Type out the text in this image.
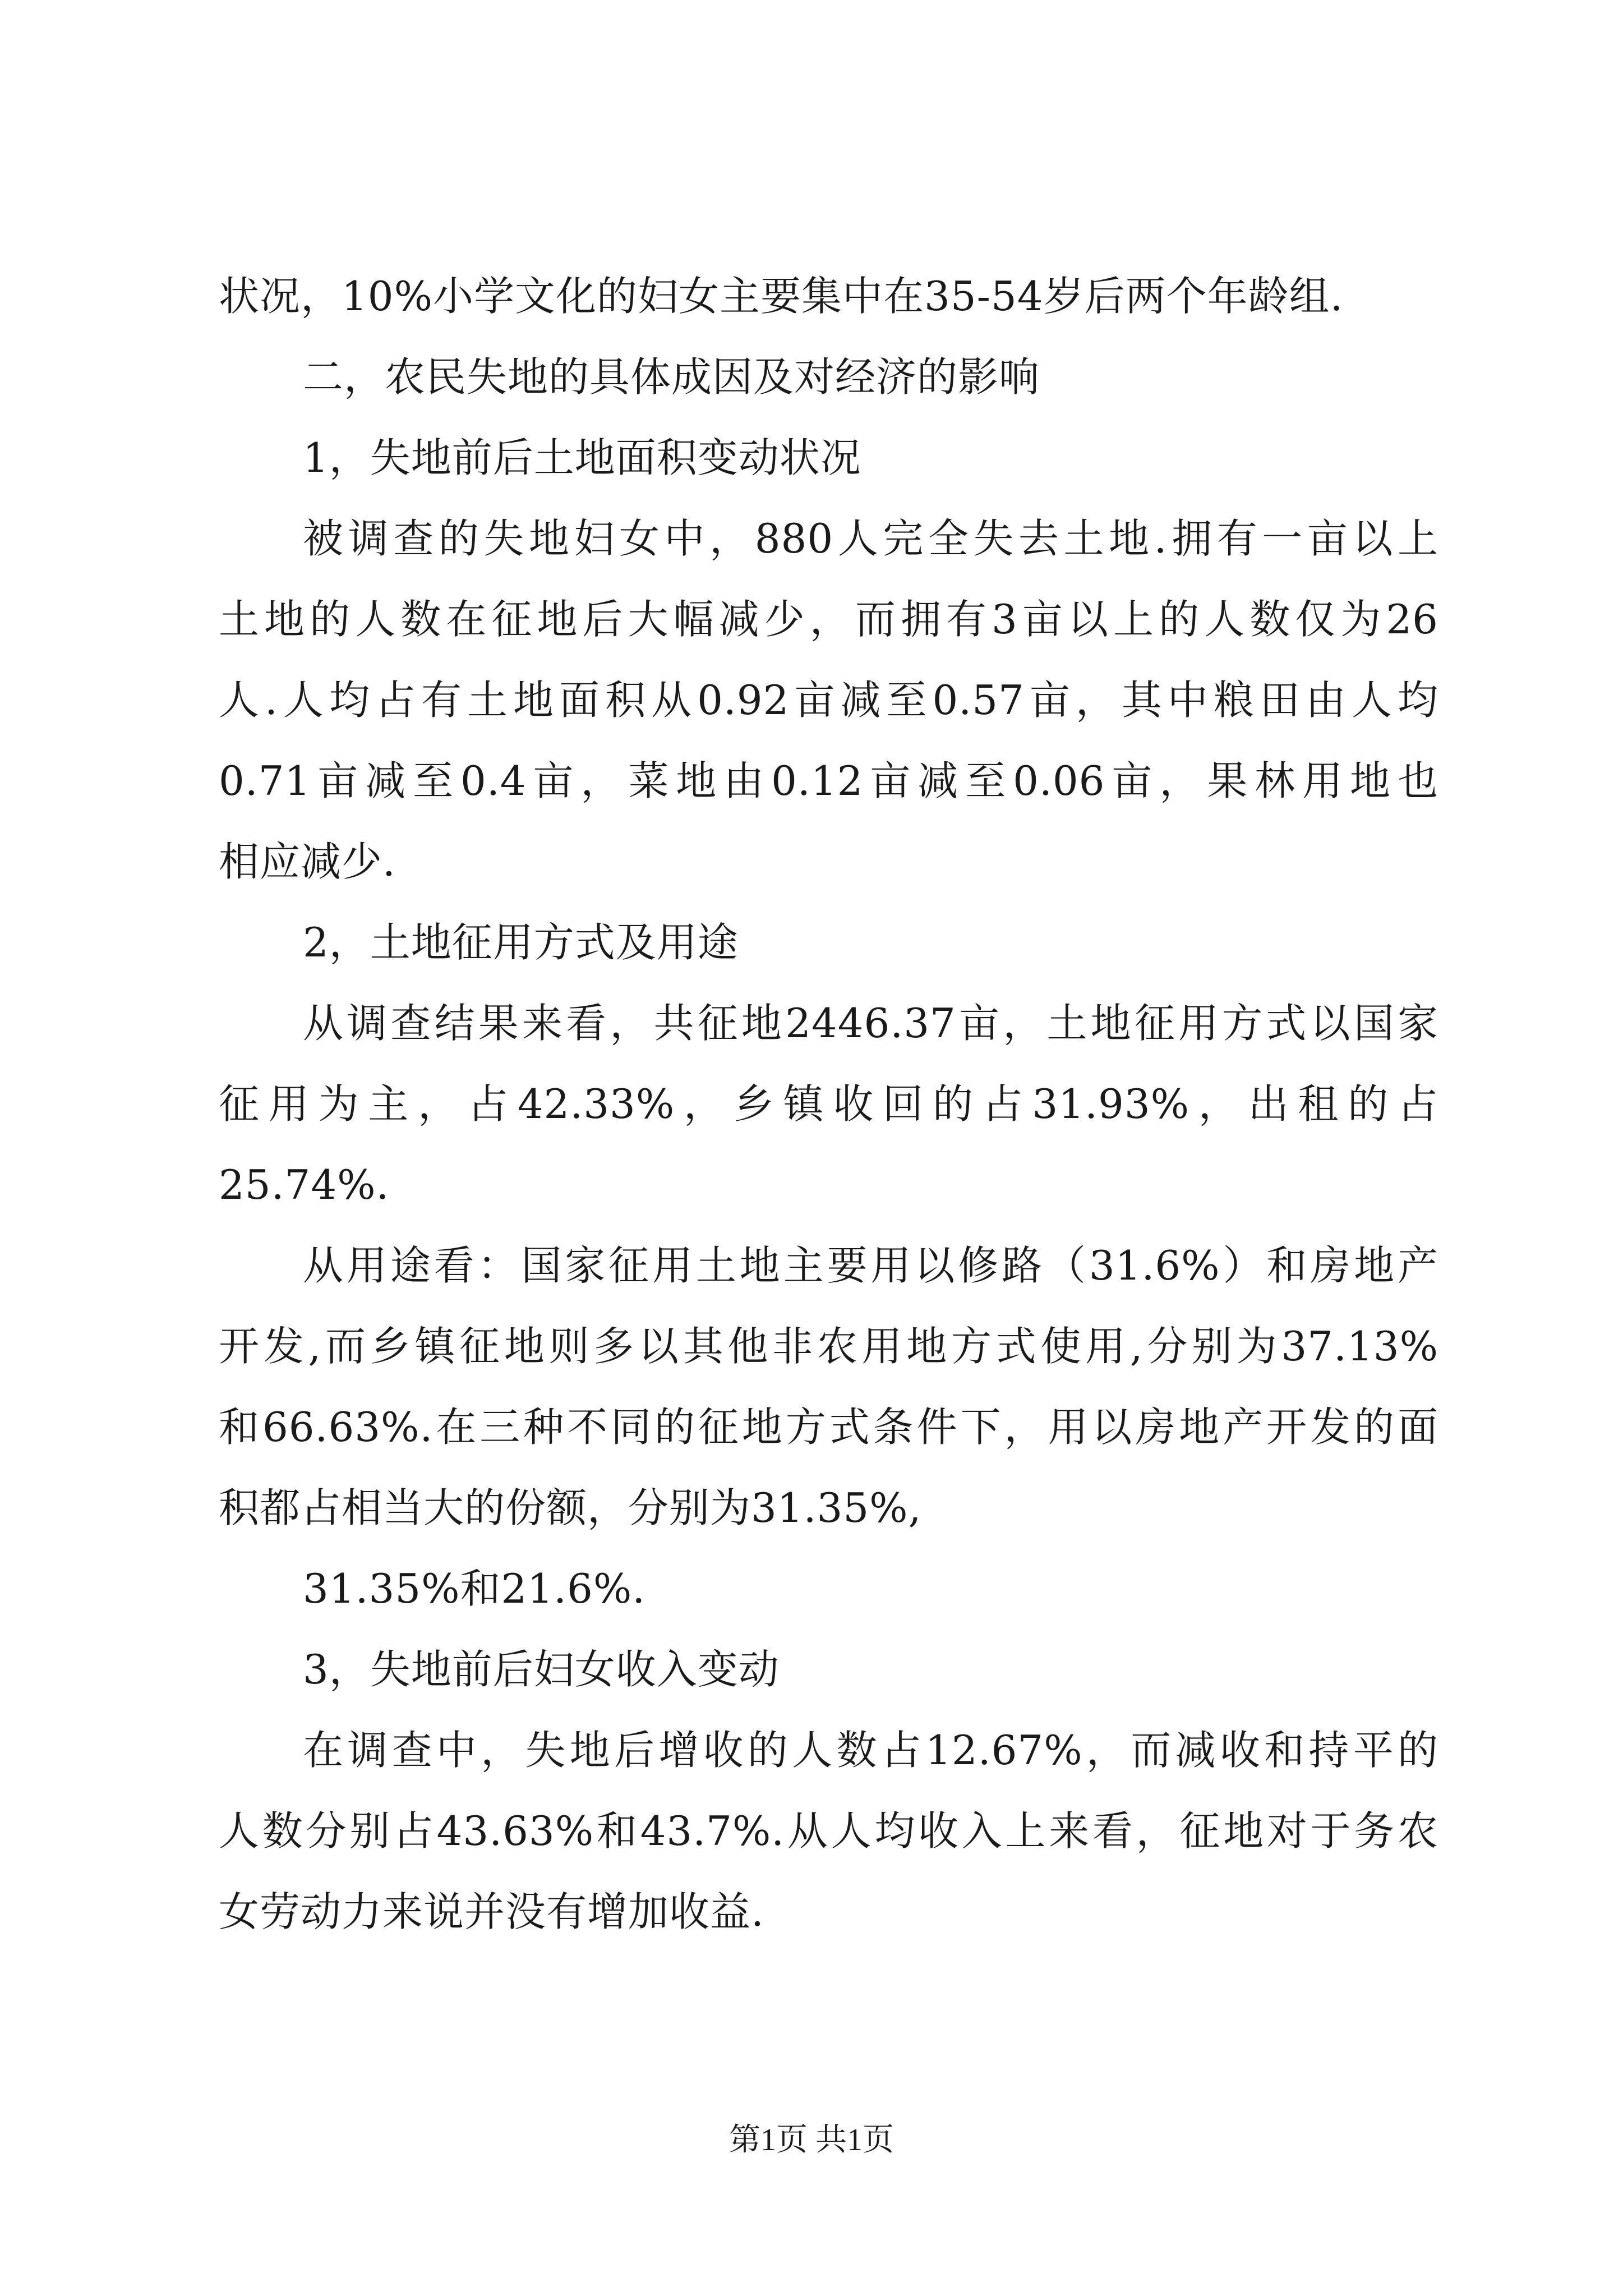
状况，10%小学文化的妇女主要集中在35-54岁后两个年龄组.
二，农民失地的具体成因及对经济的影响
1，失地前后土地面积变动状况
被调查的失地妇女中，880人完全失去土地.拥有一亩以上
土地的人数在征地后大幅减少，而拥有3亩以上的人数仅为26
人.人均占有土地面积从0.92亩减至0.57亩，其中粮田由人均
0.71亩减至0.4亩，菜地由0.12亩减至0.06亩，果林用地也
相应减少.
2，土地征用方式及用途
从调查结果来看，共征地2446.37亩，土地征用方式以国家
征用为主，占42.33%，乡镇收回的占31.93%，出租的占
25.74%.
从用途看：国家征用土地主要用以修路（31.6%）和房地产
开发,而乡镇征地则多以其他非农用地方式使用,分别为37.13%
和66.63%.在三种不同的征地方式条件下，用以房地产开发的面
积都占相当大的份额，分别为31.35%,
31.35%和21.6%.
3，失地前后妇女收入变动
在调查中，失地后增收的人数占12.67%，而减收和持平的
人数分别占43.63%和43.7%.从人均收入上来看，征地对于务农
女劳动力来说并没有增加收益.
第1页 共1页
